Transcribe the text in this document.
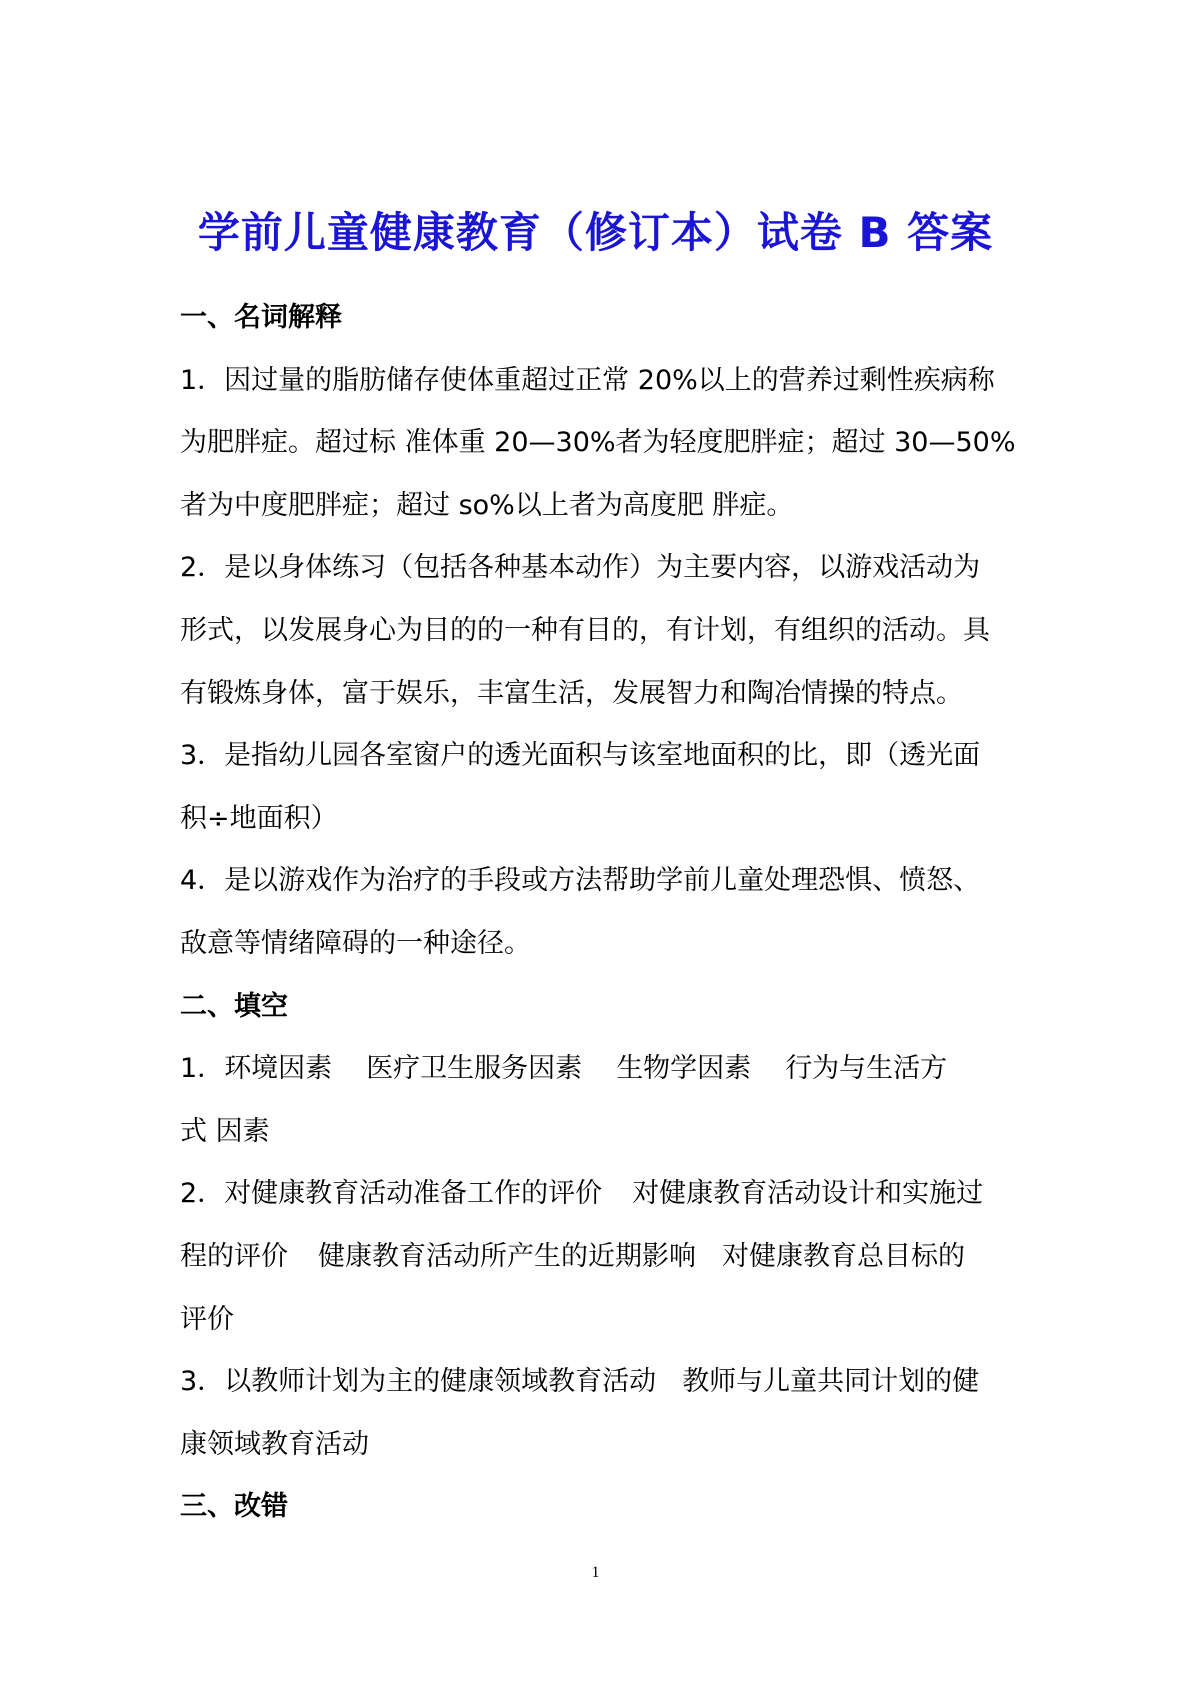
学前儿童健康教育（修订本）试卷 B 答案
一、名词解释
1．因过量的脂肪储存使体重超过正常 20%以上的营养过剩性疾病称
为肥胖症。超过标 准体重 20—30%者为轻度肥胖症；超过 30—50%
者为中度肥胖症；超过 so%以上者为高度肥 胖症。
2．是以身体练习（包括各种基本动作）为主要内容，以游戏活动为
形式，以发展身心为目的的一种有目的，有计划，有组织的活动。具
有锻炼身体，富于娱乐，丰富生活，发展智力和陶冶情操的特点。
3．是指幼儿园各室窗户的透光面积与该室地面积的比，即（透光面
积÷地面积）
4．是以游戏作为治疗的手段或方法帮助学前儿童处理恐惧、愤怒、
敌意等情绪障碍的一种途径。
二、填空
1．环境因素 医疗卫生服务因素 生物学因素 行为与生活方
式 因素
2．对健康教育活动准备工作的评价 对健康教育活动设计和实施过
程的评价 健康教育活动所产生的近期影响 对健康教育总目标的
评价
3．以教师计划为主的健康领域教育活动 教师与儿童共同计划的健
康领域教育活动
三、改错
1
